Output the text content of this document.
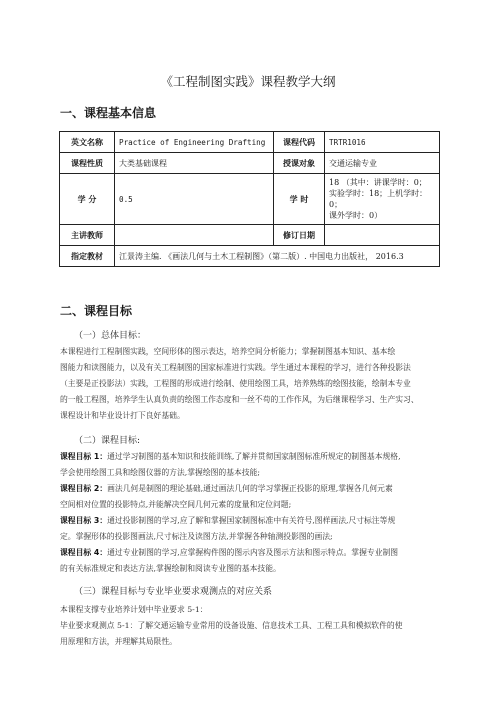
《工程制图实践》课程教学大纲
一、课程基本信息
英文名称	Practice of Engineering Drafting	课程代码	TRTR1016
课程性质	大类基础课程	授课对象	交通运输专业
学 分	0.5	学 时	18 （其中：讲课学时：0；
实验学时：18；上机学时：0；
课外学时：0）

主讲教师		修订日期	
指定教材	江景涛主编. 《画法几何与土木工程制图》（第二版）. 中国电力出版社， 2016.3		
二、课程目标
（一）总体目标：

本课程进行工程制图实践，空间形体的图示表达，培养空间分析能力；掌握制图基本知识、基本绘

图能力和读图能力，以及有关工程制图的国家标准进行实践。学生通过本课程的学习，进行各种投影法

（主要是正投影法）实践，工程图的形成进行绘制、使用绘图工具，培养熟练的绘图技能，绘制本专业

的一般工程图，培养学生认真负责的绘图工作态度和一丝不苟的工作作风，为后继课程学习、生产实习、

课程设计和毕业设计打下良好基础。

（二）课程目标:

课程目标 1：通过学习制图的基本知识和技能训练,了解并贯彻国家制图标准所规定的制图基本规格,

学会使用绘图工具和绘图仪器的方法,掌握绘图的基本技能;

课程目标 2：画法几何是制图的理论基础,通过画法几何的学习掌握正投影的原理,掌握各几何元素

空间相对位置的投影特点,并能解决空间几何元素的度量和定位问题;

课程目标 3：通过投影制图的学习,应了解和掌握国家制图标准中有关符号,图样画法,尺寸标注等规

定。掌握形体的投影图画法,尺寸标注及读图方法,并掌握各种轴测投影图的画法;

课程目标 4：通过专业制图的学习,应掌握构件图的图示内容及图示方法和图示特点。掌握专业制图

的有关标准规定和表达方法,掌握绘制和阅读专业图的基本技能。

（三）课程目标与专业毕业要求观测点的对应关系

本课程支撑专业培养计划中毕业要求 5-1：

毕业要求观测点 5-1：了解交通运输专业常用的设备设施、信息技术工具、工程工具和模拟软件的使

用原理和方法，并理解其局限性。
